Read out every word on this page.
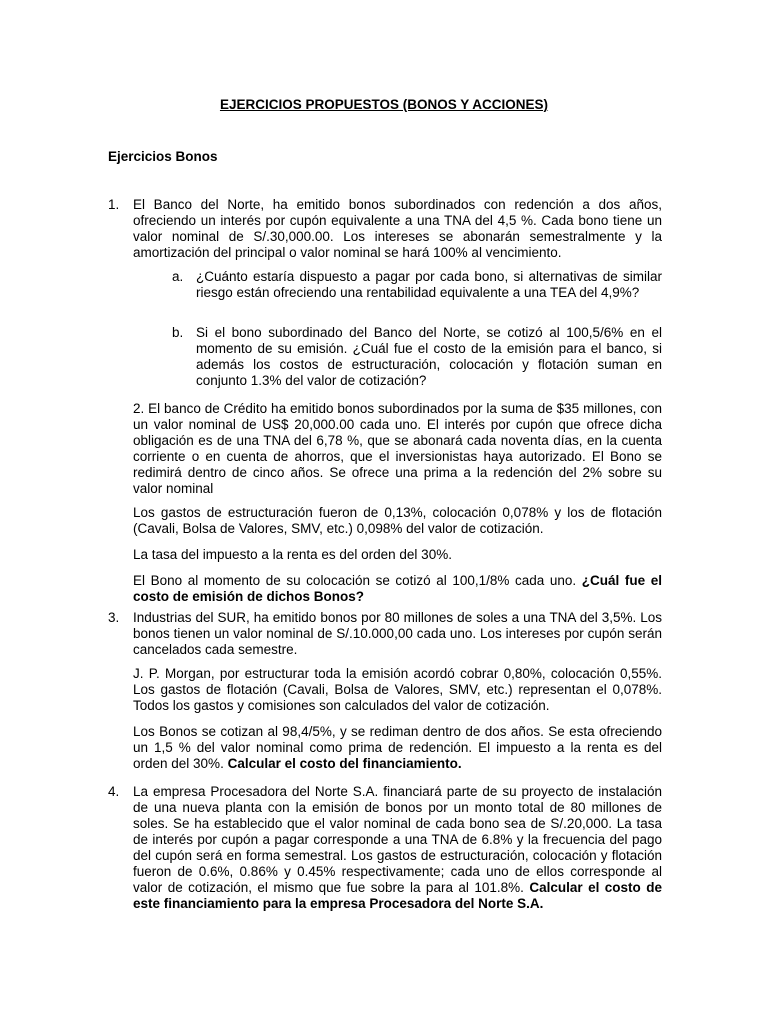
EJERCICIOS PROPUESTOS (BONOS Y ACCIONES)
Ejercicios Bonos
1. El Banco del Norte, ha emitido bonos subordinados con redención a dos años, ofreciendo un interés por cupón equivalente a una TNA del 4,5 %. Cada bono tiene un valor nominal de S/.30,000.00. Los intereses se abonarán semestralmente y la amortización del principal o valor nominal se hará 100% al vencimiento.
a. ¿Cuánto estaría dispuesto a pagar por cada bono, si alternativas de similar riesgo están ofreciendo una rentabilidad equivalente a una TEA del 4,9%?
b. Si el bono subordinado del Banco del Norte, se cotizó al 100,5/6% en el momento de su emisión. ¿Cuál fue el costo de la emisión para el banco, si además los costos de estructuración, colocación y flotación suman en conjunto 1.3% del valor de cotización?
2. El banco de Crédito ha emitido bonos subordinados por la suma de $35 millones, con un valor nominal de US$ 20,000.00 cada uno. El interés por cupón que ofrece dicha obligación es de una TNA del 6,78 %, que se abonará cada noventa días, en la cuenta corriente o en cuenta de ahorros, que el inversionistas haya autorizado. El Bono se redimirá dentro de cinco años. Se ofrece una prima a la redención del 2% sobre su valor nominal
Los gastos de estructuración fueron de 0,13%, colocación 0,078% y los de flotación (Cavali, Bolsa de Valores, SMV, etc.) 0,098% del valor de cotización.
La tasa del impuesto a la renta es del orden del 30%.
El Bono al momento de su colocación se cotizó al 100,1/8% cada uno. ¿Cuál fue el costo de emisión de dichos Bonos?
3. Industrias del SUR, ha emitido bonos por 80 millones de soles a una TNA del 3,5%. Los bonos tienen un valor nominal de S/.10.000,00 cada uno. Los intereses por cupón serán cancelados cada semestre.
J. P. Morgan, por estructurar toda la emisión acordó cobrar 0,80%, colocación 0,55%. Los gastos de flotación (Cavali, Bolsa de Valores, SMV, etc.) representan el 0,078%. Todos los gastos y comisiones son calculados del valor de cotización.
Los Bonos se cotizan al 98,4/5%, y se rediman dentro de dos años. Se esta ofreciendo un 1,5 % del valor nominal como prima de redención. El impuesto a la renta es del orden del 30%. Calcular el costo del financiamiento.
4. La empresa Procesadora del Norte S.A. financiará parte de su proyecto de instalación de una nueva planta con la emisión de bonos por un monto total de 80 millones de soles. Se ha establecido que el valor nominal de cada bono sea de S/.20,000. La tasa de interés por cupón a pagar corresponde a una TNA de 6.8% y la frecuencia del pago del cupón será en forma semestral. Los gastos de estructuración, colocación y flotación fueron de 0.6%, 0.86% y 0.45% respectivamente; cada uno de ellos corresponde al valor de cotización, el mismo que fue sobre la para al 101.8%. Calcular el costo de este financiamiento para la empresa Procesadora del Norte S.A.
